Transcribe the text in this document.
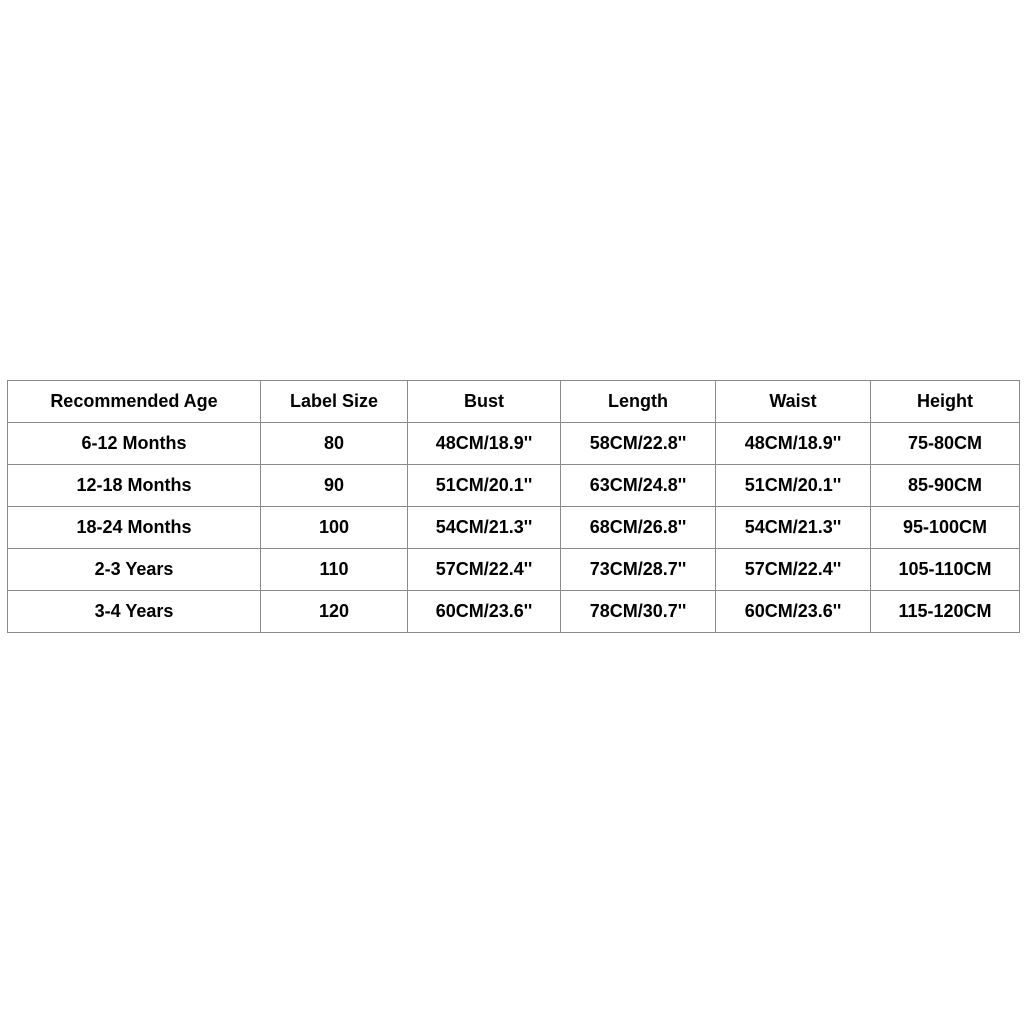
Recommended Age	Label Size	Bust	Length	Waist	Height
6-12 Months	80	48CM/18.9''	58CM/22.8''	48CM/18.9''	75-80CM
12-18 Months	90	51CM/20.1''	63CM/24.8''	51CM/20.1''	85-90CM
18-24 Months	100	54CM/21.3''	68CM/26.8''	54CM/21.3''	95-100CM
2-3 Years	110	57CM/22.4''	73CM/28.7''	57CM/22.4''	105-110CM
3-4 Years	120	60CM/23.6''	78CM/30.7''	60CM/23.6''	115-120CM
